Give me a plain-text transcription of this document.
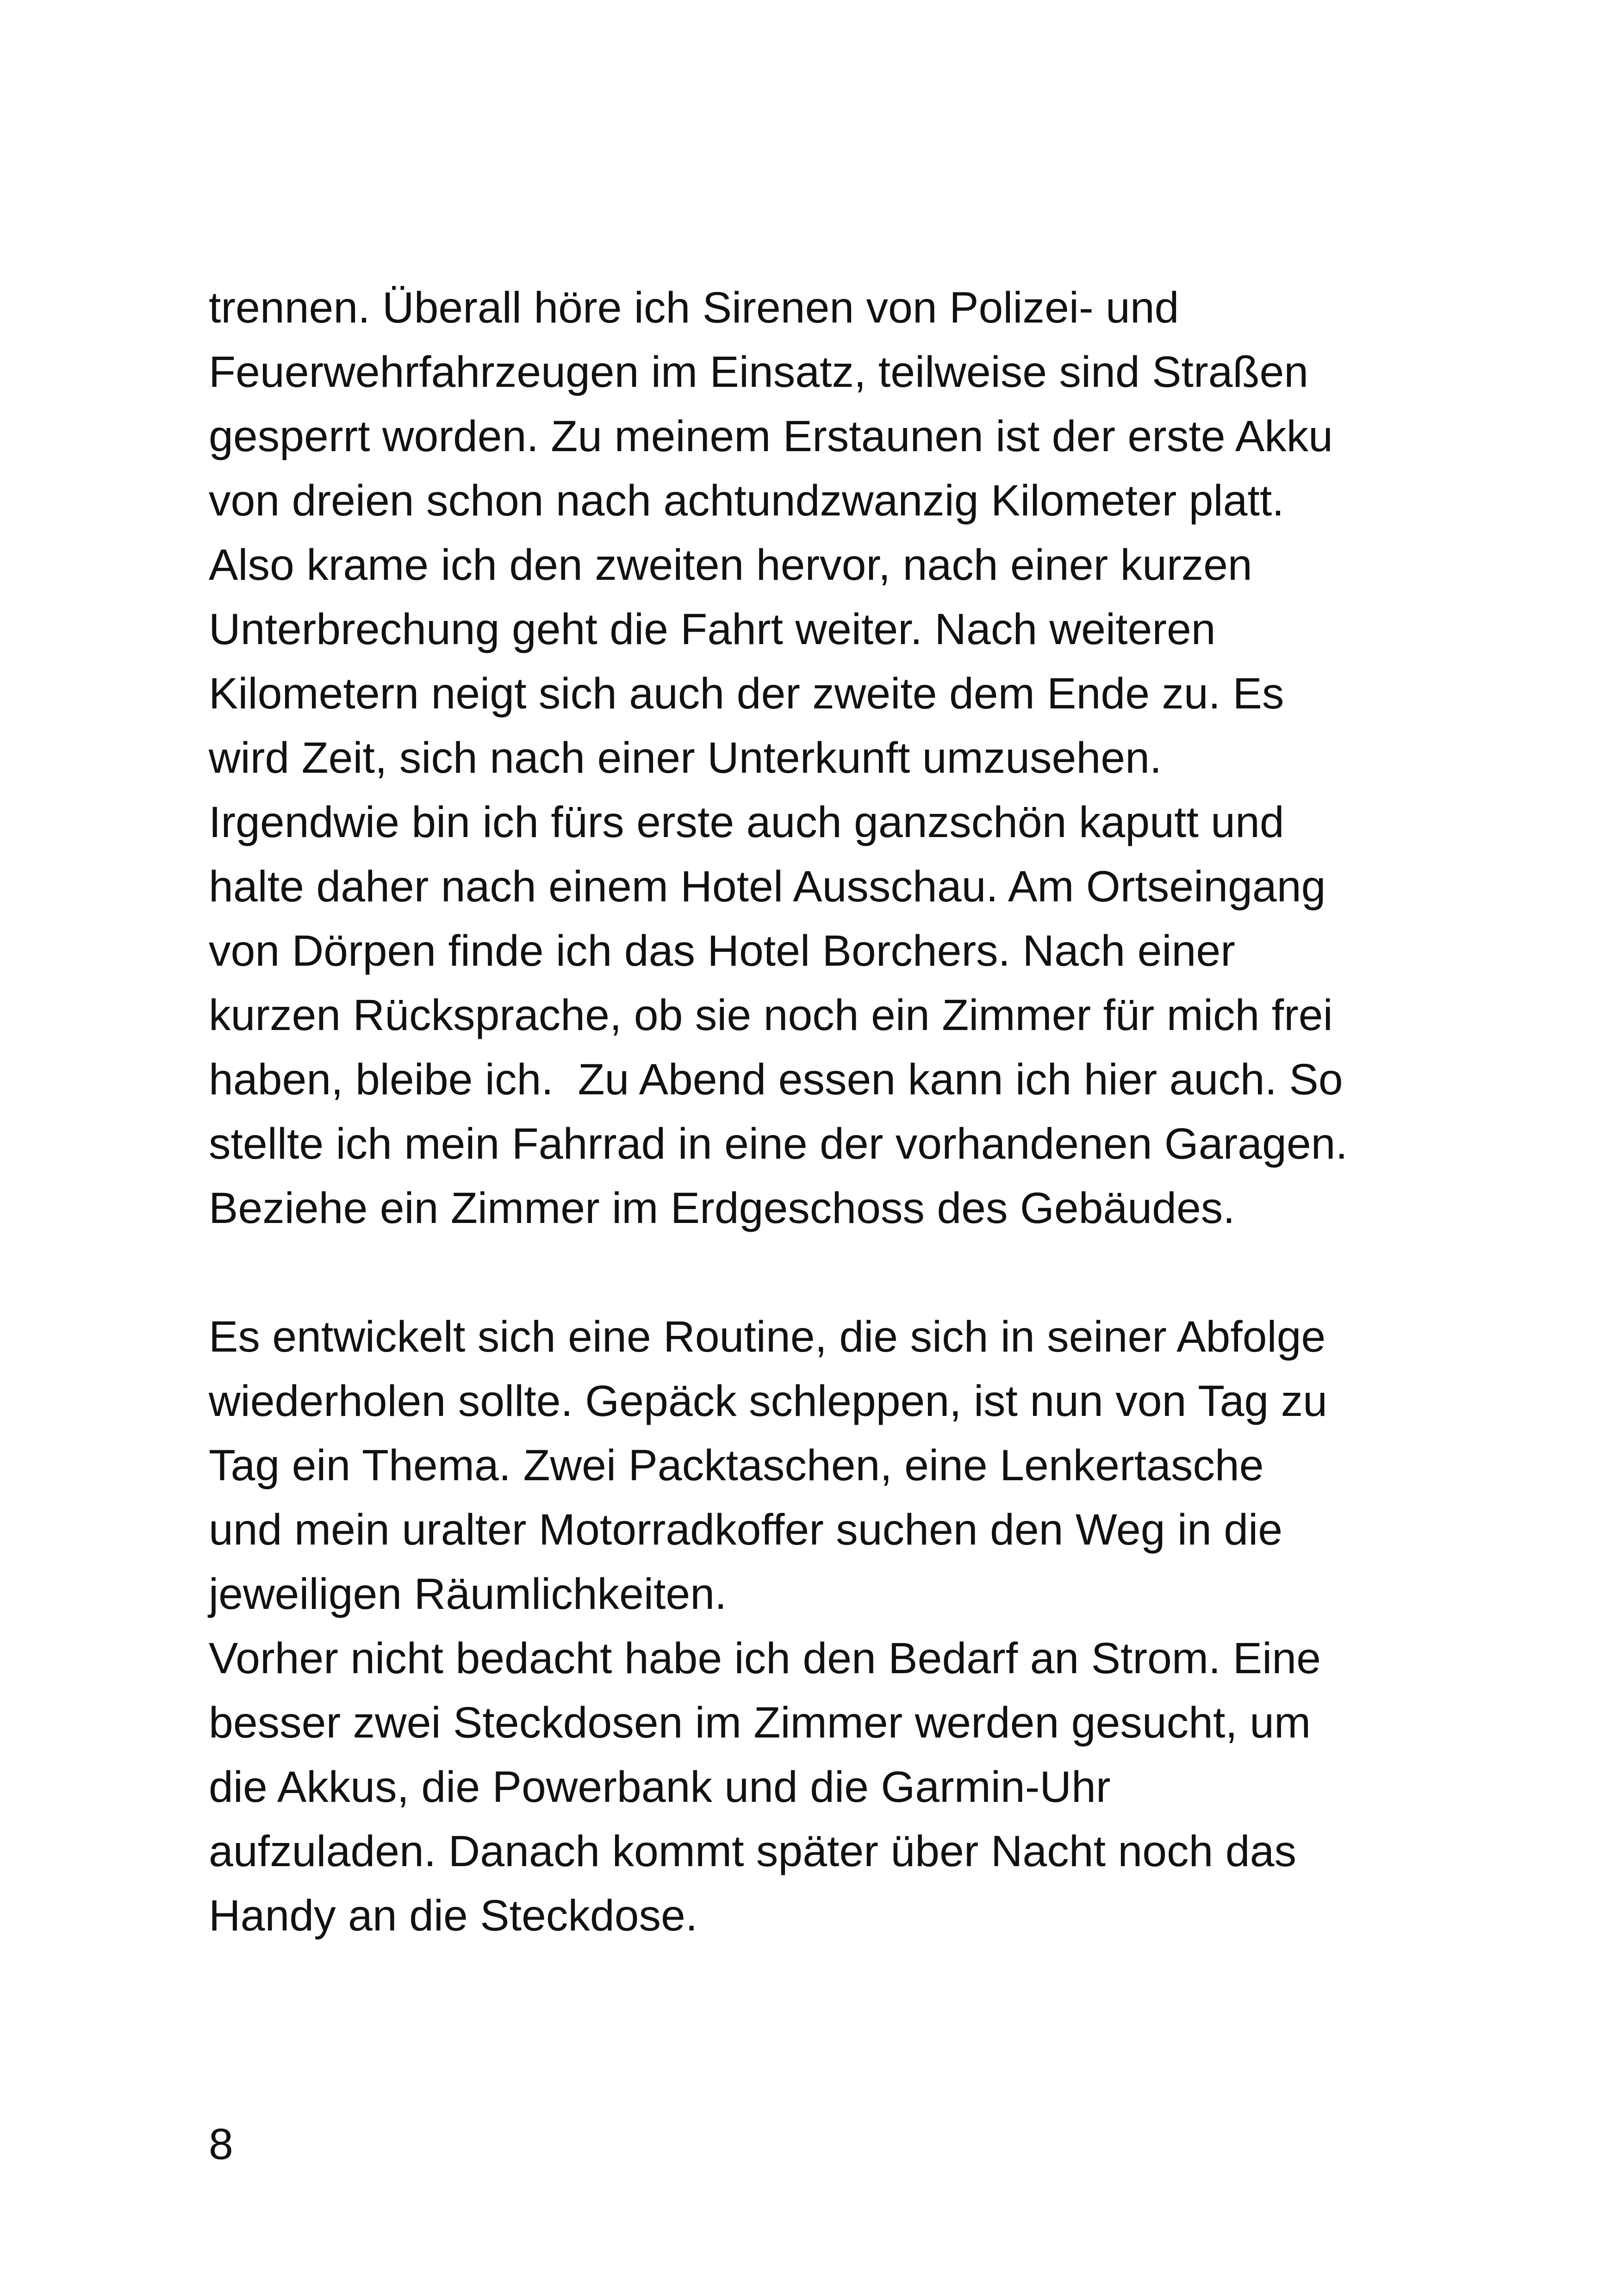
trennen. Überall höre ich Sirenen von Polizei- und
Feuerwehrfahrzeugen im Einsatz, teilweise sind Straßen
gesperrt worden. Zu meinem Erstaunen ist der erste Akku
von dreien schon nach achtundzwanzig Kilometer platt.
Also krame ich den zweiten hervor, nach einer kurzen
Unterbrechung geht die Fahrt weiter. Nach weiteren
Kilometern neigt sich auch der zweite dem Ende zu. Es
wird Zeit, sich nach einer Unterkunft umzusehen.
Irgendwie bin ich fürs erste auch ganzschön kaputt und
halte daher nach einem Hotel Ausschau. Am Ortseingang
von Dörpen finde ich das Hotel Borchers. Nach einer
kurzen Rücksprache, ob sie noch ein Zimmer für mich frei
haben, bleibe ich.  Zu Abend essen kann ich hier auch. So
stellte ich mein Fahrrad in eine der vorhandenen Garagen.
Beziehe ein Zimmer im Erdgeschoss des Gebäudes.
Es entwickelt sich eine Routine, die sich in seiner Abfolge
wiederholen sollte. Gepäck schleppen, ist nun von Tag zu
Tag ein Thema. Zwei Packtaschen, eine Lenkertasche
und mein uralter Motorradkoffer suchen den Weg in die
jeweiligen Räumlichkeiten.
Vorher nicht bedacht habe ich den Bedarf an Strom. Eine
besser zwei Steckdosen im Zimmer werden gesucht, um
die Akkus, die Powerbank und die Garmin-Uhr
aufzuladen. Danach kommt später über Nacht noch das
Handy an die Steckdose.
8
